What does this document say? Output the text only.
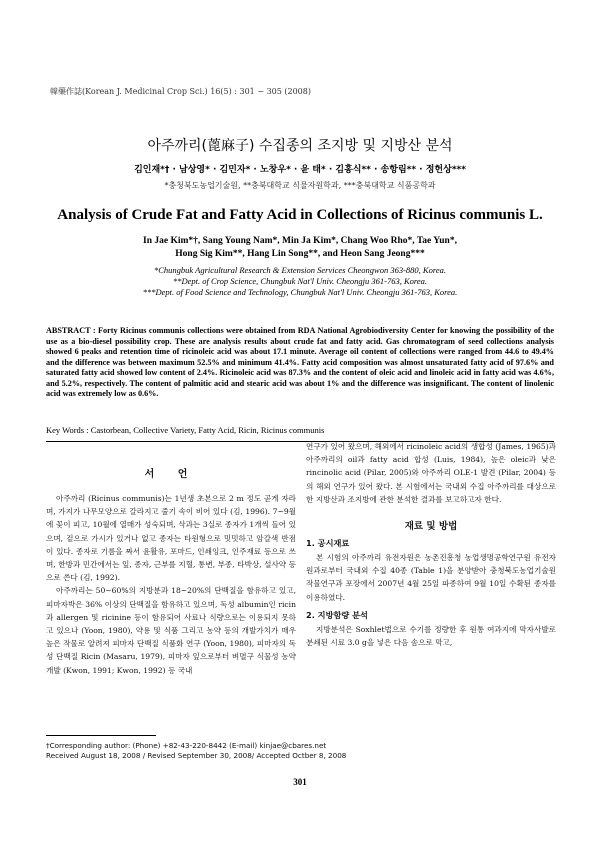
韓藥作誌(Korean J. Medicinal Crop Sci.) 16(5) : 301 − 305 (2008)
아주까리(蓖麻子) 수집종의 조지방 및 지방산 분석
김인재*† · 남상영* · 김민자* · 노창우* · 윤 태* · 김홍식** · 송항림** · 정헌상***
*충청북도농업기술원, **충북대학교 식물자원학과, ***충북대학교 식품공학과
Analysis of Crude Fat and Fatty Acid in Collections of Ricinus communis L.
In Jae Kim*†, Sang Young Nam*, Min Ja Kim*, Chang Woo Rho*, Tae Yun*,
Hong Sig Kim**, Hang Lin Song**, and Heon Sang Jeong***
*Chungbuk Agricultural Research & Extension Services Cheongwon 363-880, Korea.
**Dept. of Crop Science, Chungbuk Nat'l Univ. Cheongju 361-763, Korea.
***Dept. of Food Science and Technology, Chungbuk Nat'l Univ. Cheongju 361-763, Korea.
ABSTRACT : Forty Ricinus communis collections were obtained from RDA National Agrobiodiversity Center for knowing the possibility of the use as a bio-diesel possibility crop. These are analysis results about crude fat and fatty acid. Gas chromatogram of seed collections analysis showed 6 peaks and retention time of ricinoleic acid was about 17.1 minute. Average oil content of collections were ranged from 44.6 to 49.4% and the difference was between maximum 52.5% and minimum 41.4%. Fatty acid composition was almost unsaturated fatty acid of 97.6% and saturated fatty acid showed low content of 2.4%. Ricinoleic acid was 87.3% and the content of oleic acid and linoleic acid in fatty acid was 4.6%, and 5.2%, respectively. The content of palmitic acid and stearic acid was about 1% and the difference was insignificant. The content of linolenic acid was extremely low as 0.6%.
Key Words : Castorbean, Collective Variety, Fatty Acid, Ricin, Ricinus communis
서 언

아주까리 (Ricinus communis)는 1년생 초본으로 2 m 정도 곧게 자라며, 가지가 나무모양으로 갈라지고 줄기 속이 비어 있다 (김, 1996). 7~9월에 꽃이 피고, 10월에 열매가 성숙되며, 삭과는 3실로 종자가 1개씩 들어 있으며, 겉으로 가시가 있거나 없고 종자는 타원형으로 밋밋하고 암갈색 반점이 있다. 종자로 기름을 짜서 윤활유, 포마드, 인쇄잉크, 인주재료 등으로 쓰며, 한방과 민간에서는 잎, 종자, 근부를 지혈, 통변, 부종, 타박상, 설사약 등으로 쓴다 (김, 1992).

아주까리는 50~60%의 지방분과 18~20%의 단백질을 함유하고 있고, 피마자박은 36% 이상의 단백질을 함유하고 있으며, 독성 albumin인 ricin과 allergen 및 ricinine 등이 함유되어 사료나 식량으로는 이용되지 못하고 있으나 (Yoon, 1980), 약용 및 식품 그리고 농약 등의 개발가치가 매우 높은 작물로 알려져 피마자 단백질 식품화 연구 (Yoon, 1980), 피마자의 독성 단백질 Ricin (Masaru, 1979), 피마자 잎으로부터 벼멸구 식물성 농약 개발 (Kwon, 1991; Kwon, 1992) 등 국내

연구가 있어 왔으며, 해외에서 ricinoleic acid의 생합성 (James, 1965)과 아주까리의 oil과 fatty acid 합성 (Luis, 1984), 높은 oleic과 낮은 rincinolic acid (Pilar, 2005)와 아주까리 OLE-1 발견 (Pilar, 2004) 등의 해외 연구가 있어 왔다. 본 시험에서는 국내외 수집 아주까리를 대상으로 한 지방산과 조지방에 관한 분석한 결과를 보고하고자 한다.

재료 및 방법
1. 공시재료

본 시험의 아주까리 유전자원은 농촌진흥청 농업생명공학연구원 유전자원과로부터 국내외 수집 40종 (Table 1)을 분양받아 충청북도농업기술원 작물연구과 포장에서 2007년 4월 25일 파종하여 9월 10일 수확된 종자를 이용하였다.

2. 지방함량 분석

지방분석은 Soxhlet법으로 수기를 정량한 후 원통 여과지에 막자사발로 분쇄된 시료 3.0 g을 넣은 다음 솜으로 막고,

†Corresponding author: (Phone) +82-43-220-8442 (E-mail) kinjae@cbares.net
Received August 18, 2008 / Revised September 30, 2008/ Accepted Octber 8, 2008
301
